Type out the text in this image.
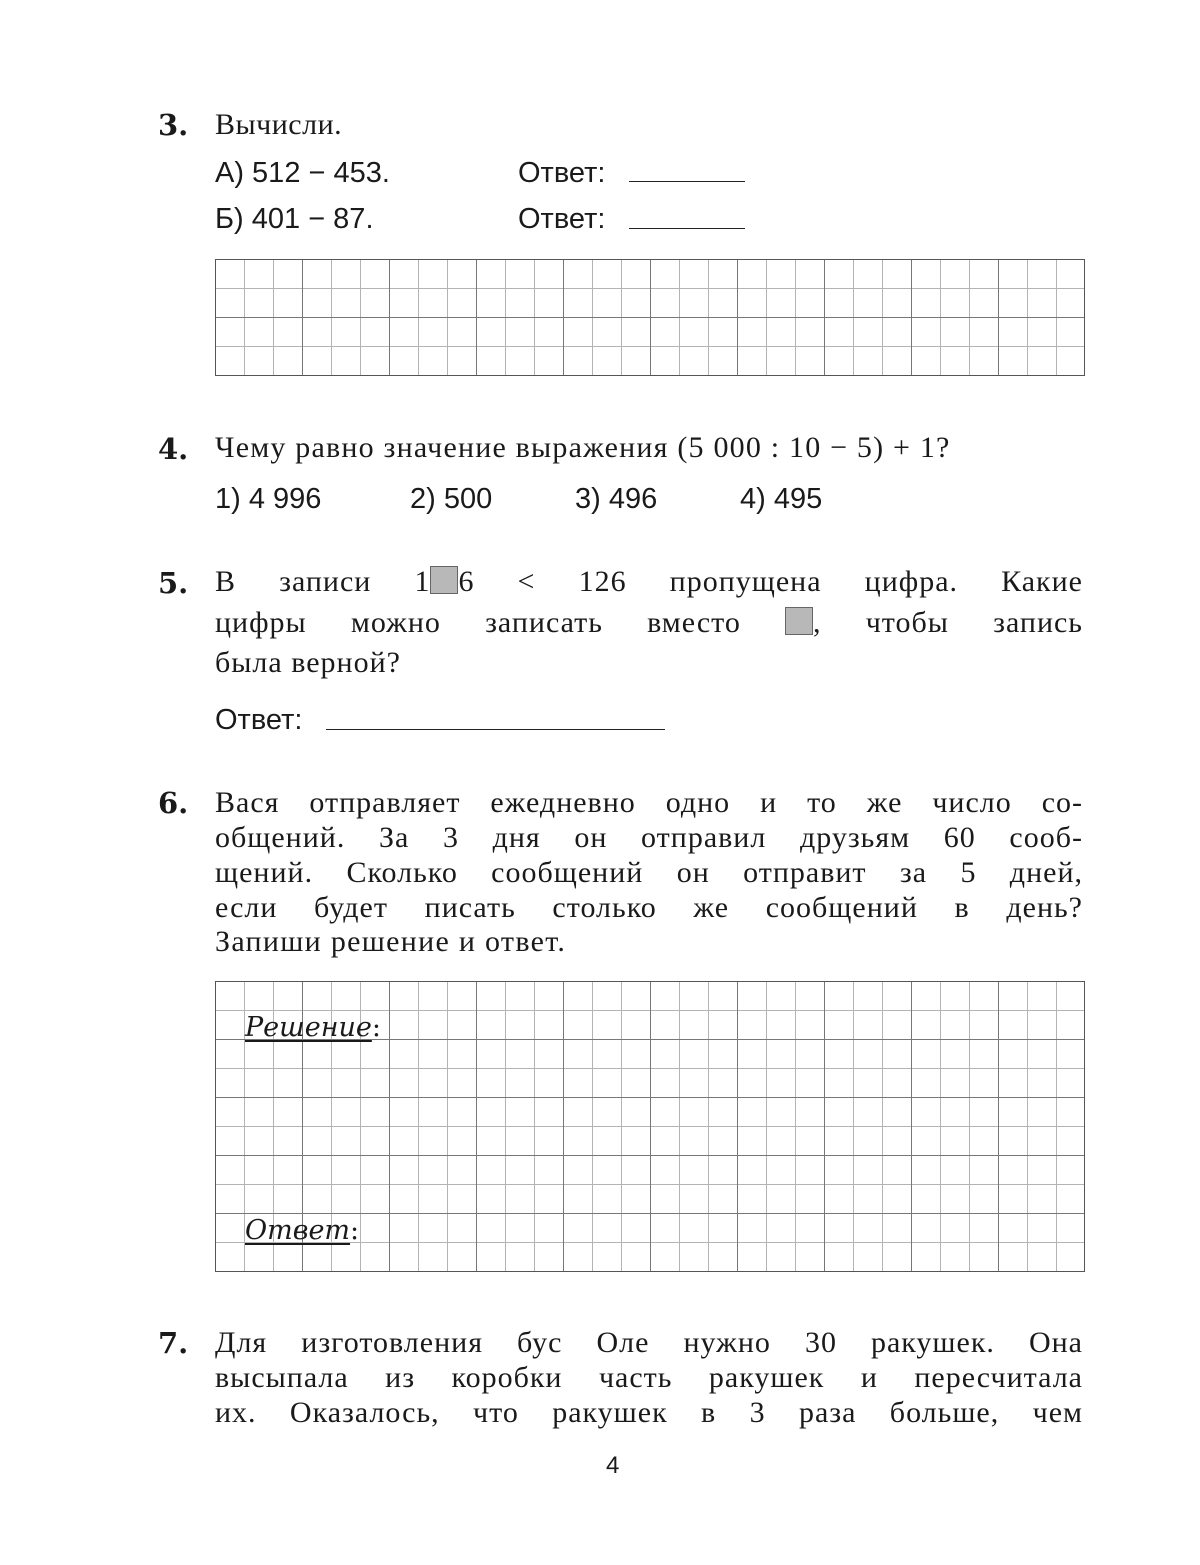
3. Вычисли.
А) 512 − 453.	Ответ:
Б) 401 − 87.	Ответ:
4. Чему равно значение выражения (5 000 : 10 − 5) + 1?
1) 4 996	2) 500	3) 496	4) 495
5. В записи 1 6 < 126 пропущена цифра. Какие
цифры можно записать вместо , чтобы запись
была верной?
Ответ:
6. Вася отправляет ежедневно одно и то же число со-
общений. За 3 дня он отправил друзьям 60 сооб-
щений. Сколько сообщений он отправит за 5 дней,
если будет писать столько же сообщений в день?
Запиши решение и ответ.
Решение:
Ответ:
7. Для изготовления бус Оле нужно 30 ракушек. Она
высыпала из коробки часть ракушек и пересчитала
их. Оказалось, что ракушек в 3 раза больше, чем
4
